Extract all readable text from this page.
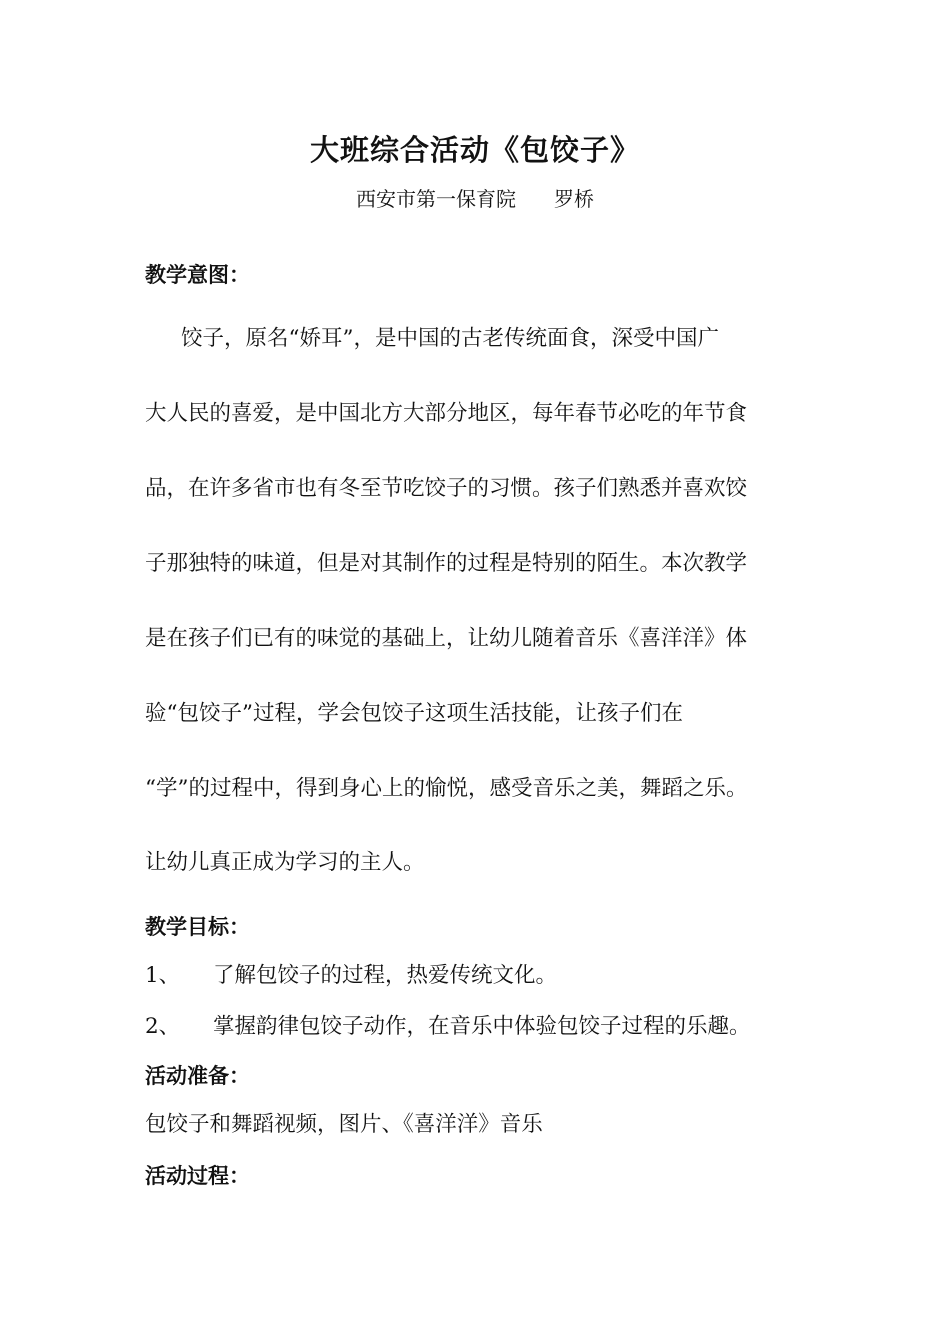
大班综合活动《包饺子》
西安市第一保育院 罗桥
教学意图：
饺子，原名“娇耳”，是中国的古老传统面食，深受中国广
大人民的喜爱，是中国北方大部分地区，每年春节必吃的年节食
品，在许多省市也有冬至节吃饺子的习惯。孩子们熟悉并喜欢饺
子那独特的味道，但是对其制作的过程是特别的陌生。本次教学
是在孩子们已有的味觉的基础上，让幼儿随着音乐《喜洋洋》体
验“包饺子”过程，学会包饺子这项生活技能，让孩子们在
“学”的过程中，得到身心上的愉悦，感受音乐之美，舞蹈之乐。
让幼儿真正成为学习的主人。
教学目标：
1、 了解包饺子的过程，热爱传统文化。
2、 掌握韵律包饺子动作，在音乐中体验包饺子过程的乐趣。
活动准备：
包饺子和舞蹈视频，图片、《喜洋洋》音乐
活动过程：
